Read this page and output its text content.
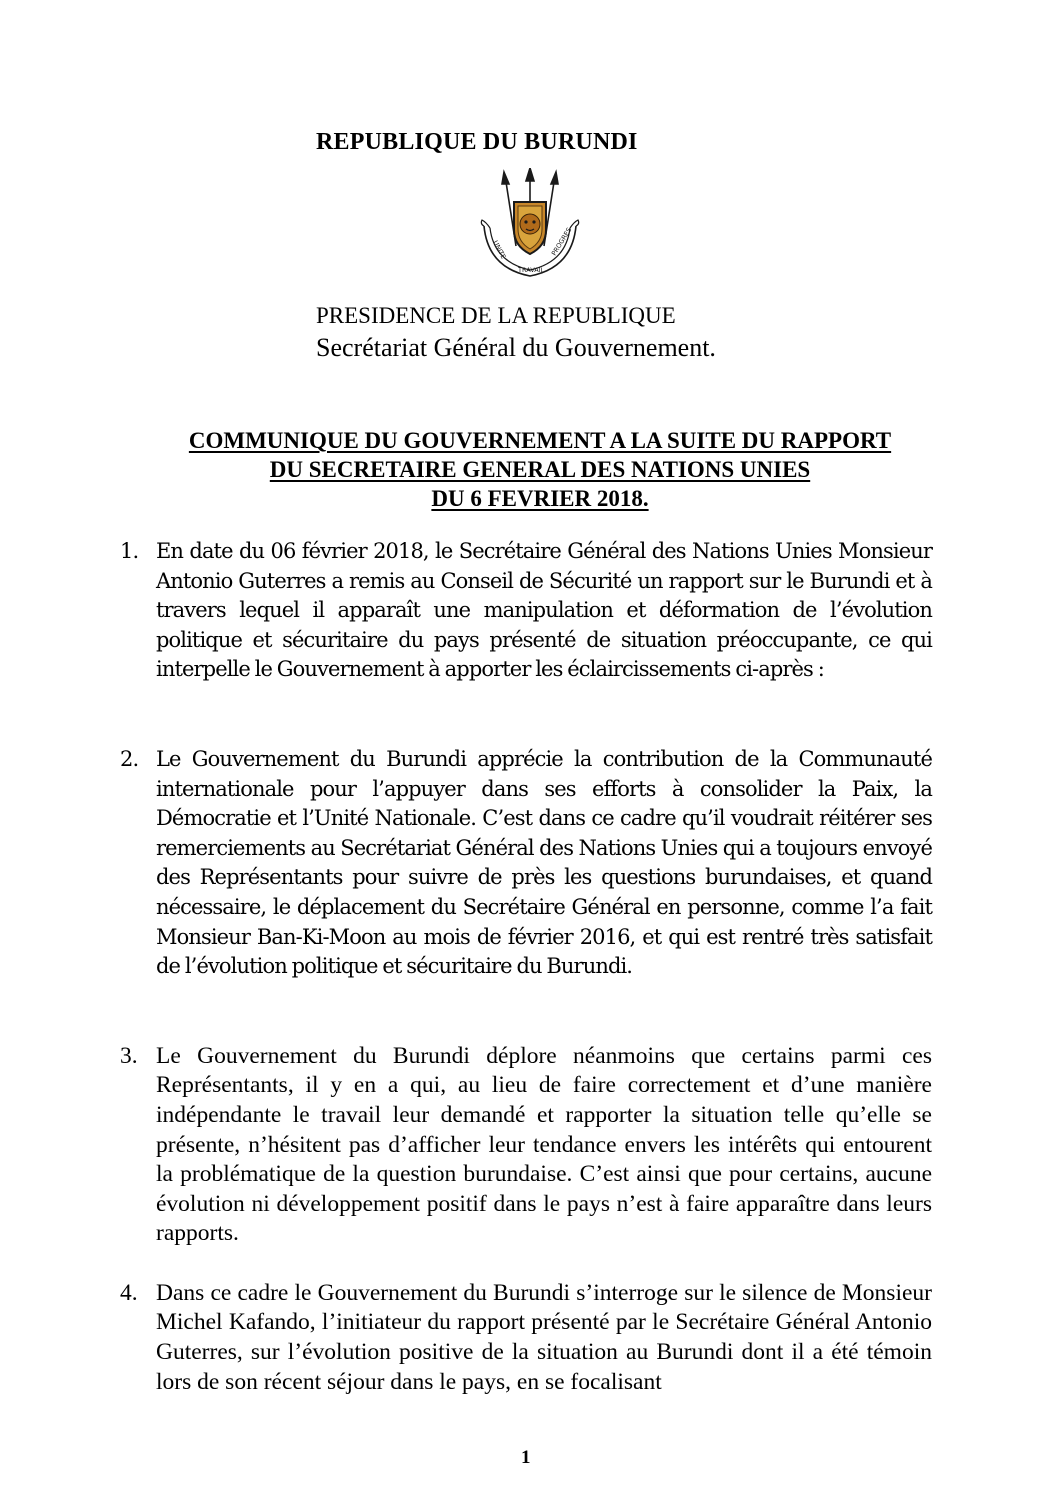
REPUBLIQUE DU BURUNDI
UNITE
TRAVAIL
PROGRES
PRESIDENCE DE LA REPUBLIQUE
Secrétariat Général du Gouvernement.
COMMUNIQUE DU GOUVERNEMENT A LA SUITE DU RAPPORT
DU SECRETAIRE GENERAL DES NATIONS UNIES
DU 6 FEVRIER 2018.
1. En date du 06 février 2018, le Secrétaire Général des Nations Unies Monsieur Antonio Guterres a remis au Conseil de Sécurité un rapport sur le Burundi et à travers lequel il apparaît une manipulation et déformation de l’évolution politique et sécuritaire du pays présenté de situation préoccupante, ce qui interpelle le Gouvernement à apporter les éclaircissements ci-après :
2. Le Gouvernement du Burundi apprécie la contribution de la Communauté internationale pour l’appuyer dans ses efforts à consolider la Paix, la Démocratie et l’Unité Nationale. C’est dans ce cadre qu’il voudrait réitérer ses remerciements au Secrétariat Général des Nations Unies qui a toujours envoyé des Représentants pour suivre de près les questions burundaises, et quand nécessaire, le déplacement du Secrétaire Général en personne, comme l’a fait Monsieur Ban-Ki-Moon au mois de février 2016, et qui est rentré très satisfait de l’évolution politique et sécuritaire du Burundi.
3. Le Gouvernement du Burundi déplore néanmoins que certains parmi ces Représentants, il y en a qui, au lieu de faire correctement et d’une manière indépendante le travail leur demandé et rapporter la situation telle qu’elle se présente, n’hésitent pas d’afficher leur tendance envers les intérêts qui entourent la problématique de la question burundaise. C’est ainsi que pour certains, aucune évolution ni développement positif dans le pays n’est à faire apparaître dans leurs rapports.
4. Dans ce cadre le Gouvernement du Burundi s’interroge sur le silence de Monsieur Michel Kafando, l’initiateur du rapport présenté par le Secrétaire Général Antonio Guterres, sur l’évolution positive de la situation au Burundi dont il a été témoin lors de son récent séjour dans le pays, en se focalisant
1
